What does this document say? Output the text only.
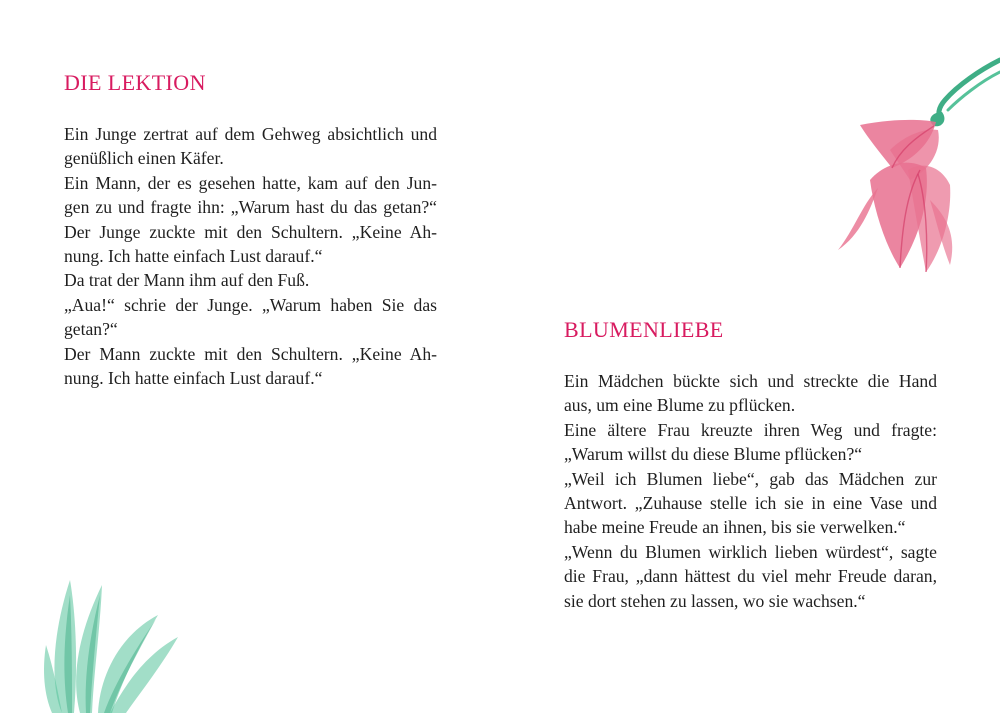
DIE LEKTION
Ein Junge zertrat auf dem Gehweg absichtlich und
genüßlich einen Käfer.
Ein Mann, der es gesehen hatte, kam auf den Jun-
gen zu und fragte ihn: „Warum hast du das getan?“
Der Junge zuckte mit den Schultern. „Keine Ah-
nung. Ich hatte einfach Lust darauf.“
Da trat der Mann ihm auf den Fuß.
„Aua!“ schrie der Junge. „Warum haben Sie das
getan?“
Der Mann zuckte mit den Schultern. „Keine Ah-
nung. Ich hatte einfach Lust darauf.“
BLUMENLIEBE
Ein Mädchen bückte sich und streckte die Hand
aus, um eine Blume zu pflücken.
Eine ältere Frau kreuzte ihren Weg und fragte:
„Warum willst du diese Blume pflücken?“
„Weil ich Blumen liebe“, gab das Mädchen zur
Antwort. „Zuhause stelle ich sie in eine Vase und
habe meine Freude an ihnen, bis sie verwelken.“
„Wenn du Blumen wirklich lieben würdest“, sagte
die Frau, „dann hättest du viel mehr Freude daran,
sie dort stehen zu lassen, wo sie wachsen.“
